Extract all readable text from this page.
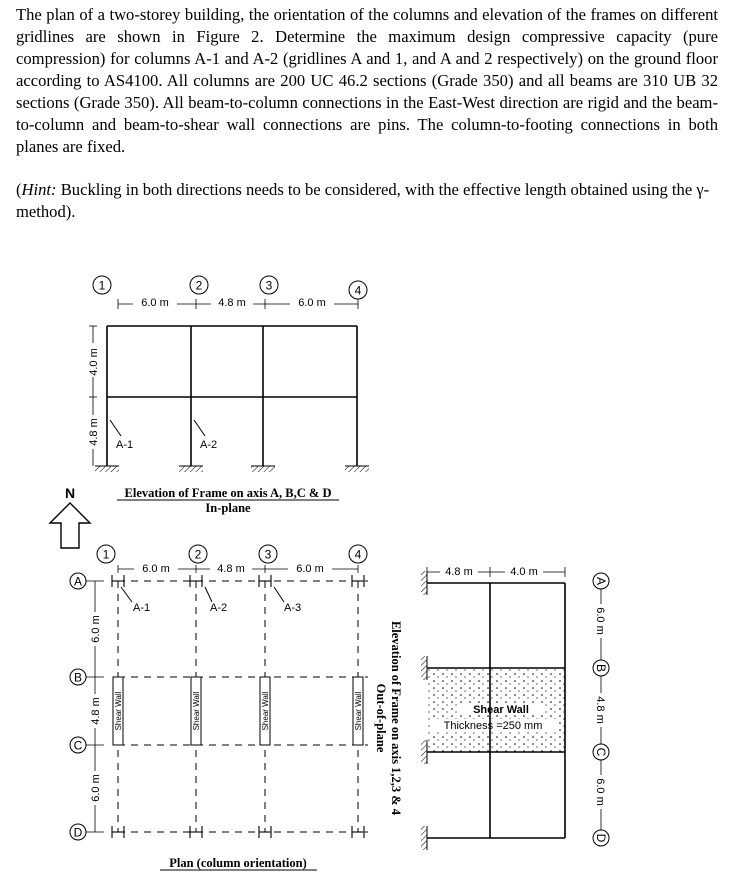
The plan of a two-storey building, the orientation of the columns and elevation of the frames on different gridlines are shown in Figure 2. Determine the maximum design compressive capacity (pure compression) for columns A-1 and A-2 (gridlines A and 1, and A and 2 respectively) on the ground floor according to AS4100. All columns are 200 UC 46.2 sections (Grade 350) and all beams are 310 UB 32 sections (Grade 350). All beam-to-column connections in the East-West direction are rigid and the beam-to-column and beam-to-shear wall connections are pins. The column-to-footing connections in both planes are fixed.

(Hint: Buckling in both directions needs to be considered, with the effective length obtained using the γ-method).

1	2	3	4
6.0 m	4.8 m	6.0 m
4.0 m
4.8 m A-1	A-2
Elevation of Frame on axis A, B,C & D
In-plane
N
1	2	3	4
6.0 m	4.8 m	6.0 m
Shear Wall	Shear Wall	Shear Wall	Shear Wall
A
B
C
D
6.0 m
4.8 m
6.0 m
A-1	A-2	A-3
Plan (column orientation)
Elevation of Frame on axis 1,2,3 & 4
Out-of-plane
4.8 m	4.0 m
Shear Wall
Thickness =250 mm
6.0 m
4.8 m
6.0 m
A
B
C
D
